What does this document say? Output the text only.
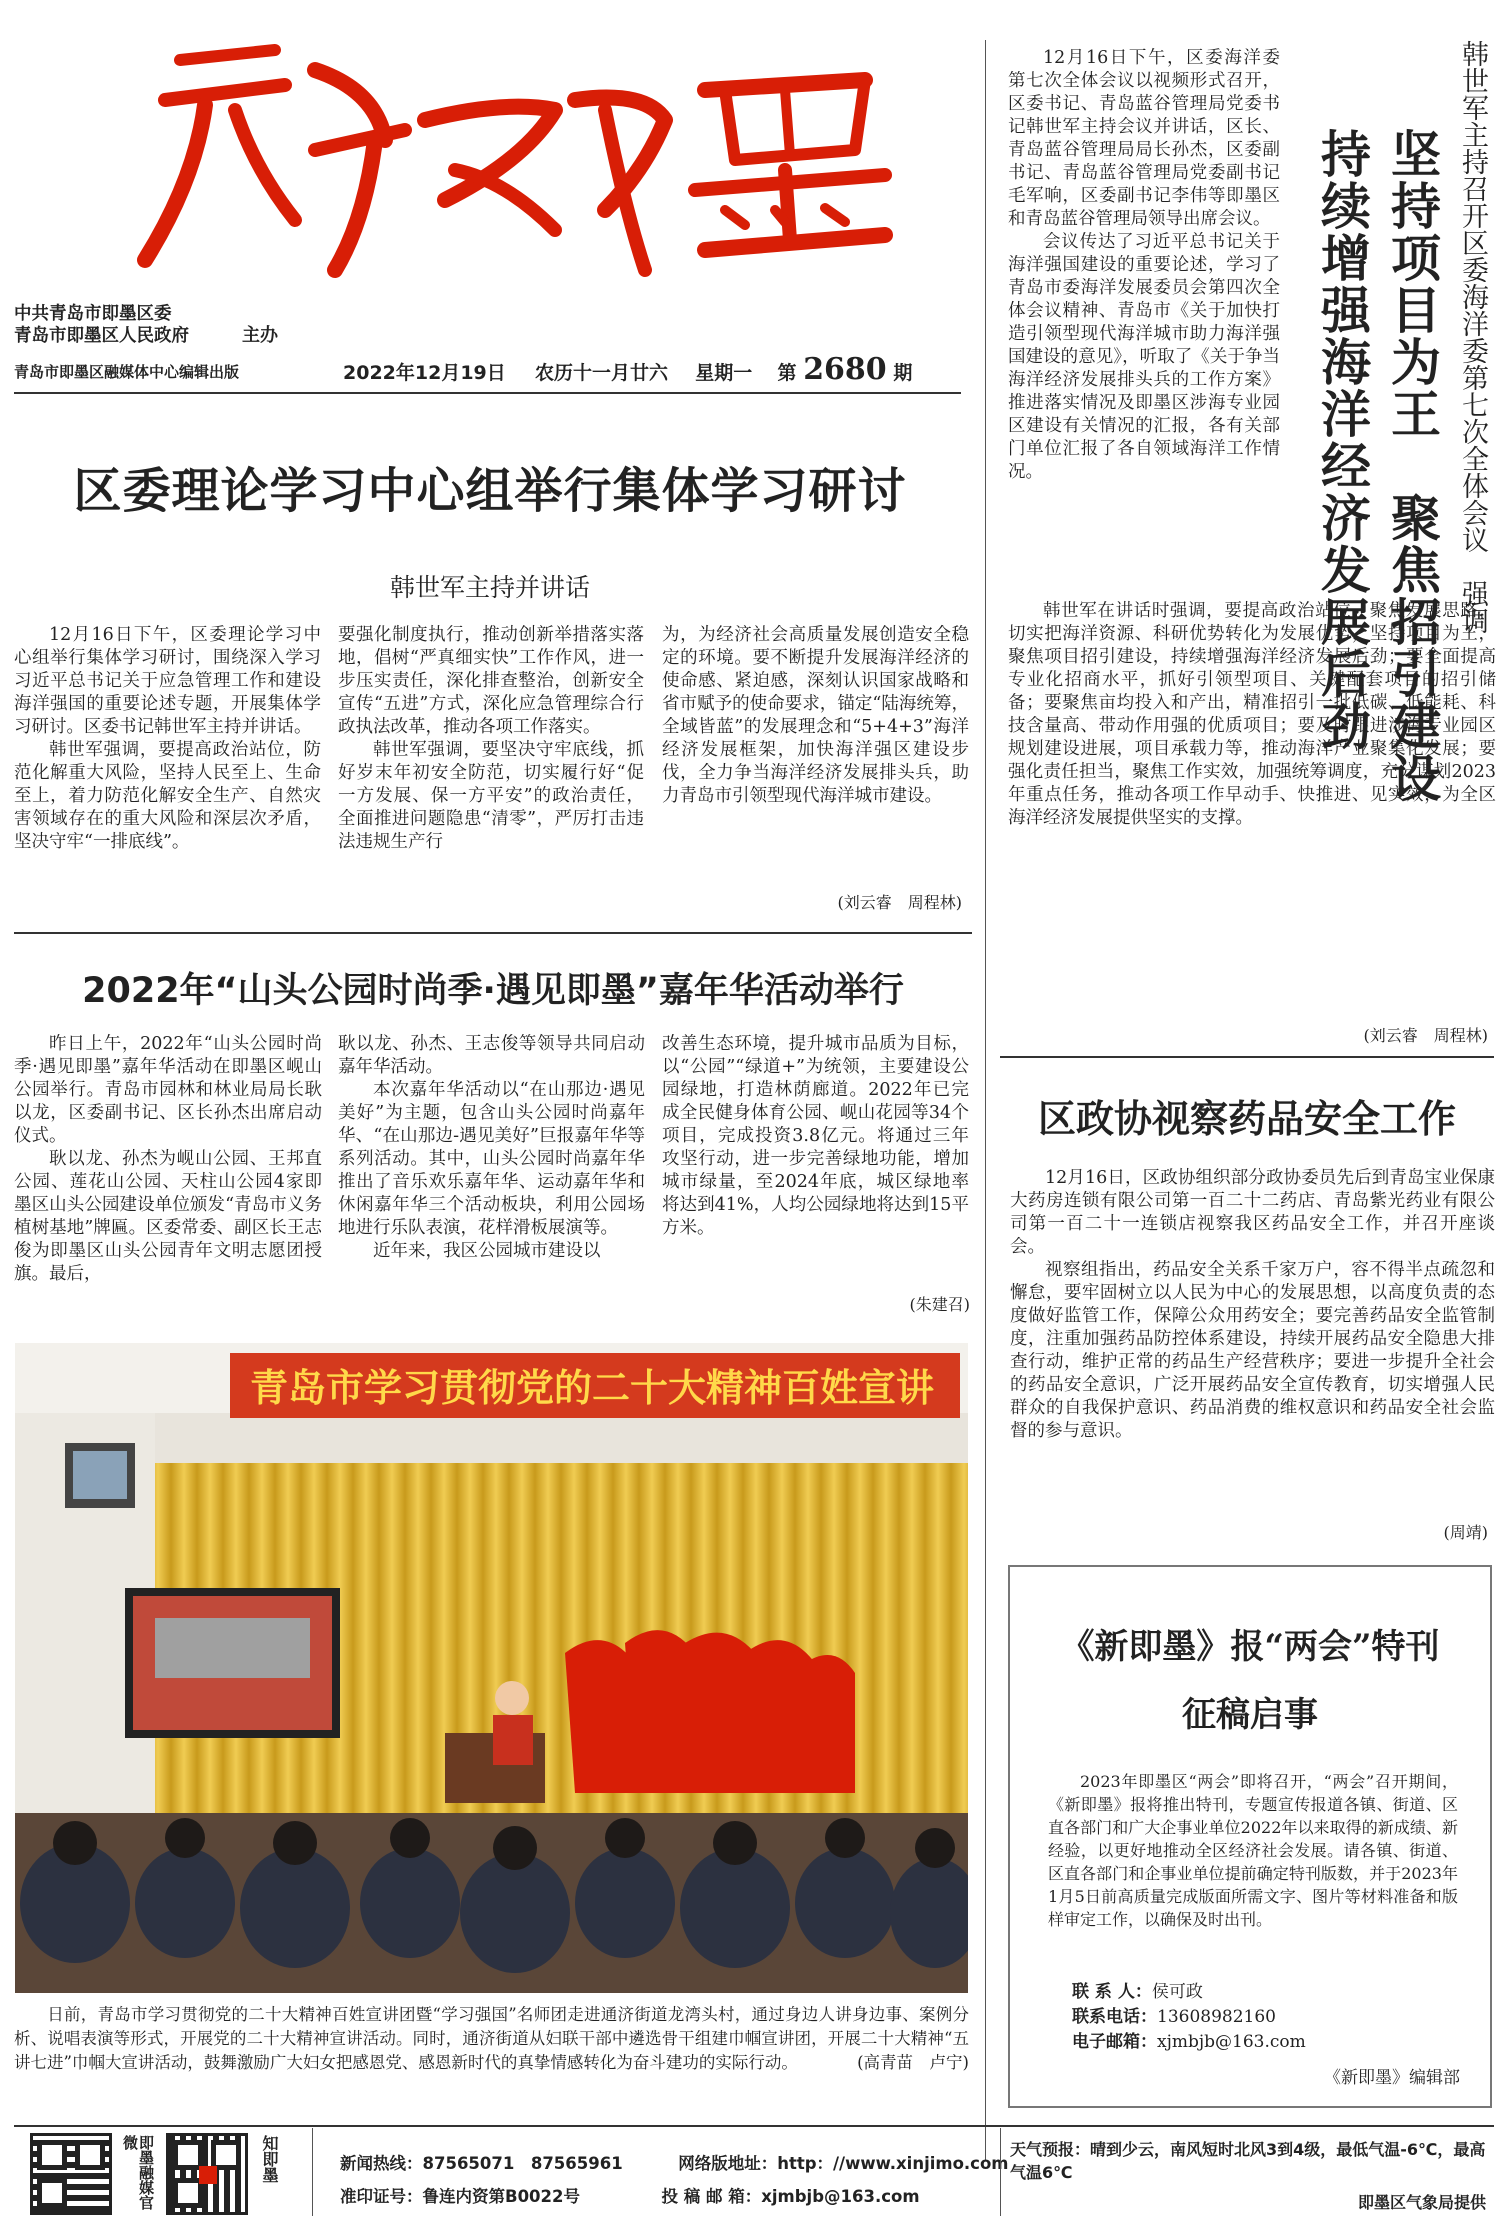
中共青岛市即墨区委
青岛市即墨区人民政府	主办
青岛市即墨区融媒体中心编辑出版	2022年12月19日 农历十一月廿六 星期一 第 2680 期	韩世军主持召开区委海洋委第七次全体会议　强调
坚持项目为王　聚焦招引建设
持续增强海洋经济发展后劲

12月16日下午，区委海洋委第七次全体会议以视频形式召开，区委书记、青岛蓝谷管理局党委书记韩世军主持会议并讲话，区长、青岛蓝谷管理局局长孙杰，区委副书记、青岛蓝谷管理局党委副书记毛军响，区委副书记李伟等即墨区和青岛蓝谷管理局领导出席会议。

会议传达了习近平总书记关于海洋强国建设的重要论述，学习了青岛市委海洋发展委员会第四次全体会议精神、青岛市《关于加快打造引领型现代海洋城市助力海洋强国建设的意见》，听取了《关于争当海洋经济发展排头兵的工作方案》推进落实情况及即墨区涉海专业园区建设有关情况的汇报，各有关部门单位汇报了各自领域海洋工作情况。

韩世军在讲话时强调，要提高政治站位，聚焦发展思路，切实把海洋资源、科研优势转化为发展优势，坚持项目为王，聚焦项目招引建设，持续增强海洋经济发展后劲；要全面提高专业化招商水平，抓好引领型项目、关键配套项目的招引储备；要聚焦亩均投入和产出，精准招引一批低碳、低能耗、科技含量高、带动作用强的优质项目；要及时跟进涉海专业园区规划建设进展，项目承载力等，推动海洋产业聚集化发展；要强化责任担当，聚焦工作实效，加强统筹调度，充分谋划2023年重点任务，推动各项工作早动手、快推进、见实效，为全区海洋经济发展提供坚实的支撑。

(刘云睿　周程林)
区委理论学习中心组举行集体学习研讨
韩世军主持并讲话

12月16日下午，区委理论学习中心组举行集体学习研讨，围绕深入学习习近平总书记关于应急管理工作和建设海洋强国的重要论述专题，开展集体学习研讨。区委书记韩世军主持并讲话。

韩世军强调，要提高政治站位，防范化解重大风险，坚持人民至上、生命至上，着力防范化解安全生产、自然灾害领域存在的重大风险和深层次矛盾，坚决守牢“一排底线”。

要强化制度执行，推动创新举措落实落地，倡树“严真细实快”工作作风，进一步压实责任，深化排查整治，创新安全宣传“五进”方式，深化应急管理综合行政执法改革，推动各项工作落实。

韩世军强调，要坚决守牢底线，抓好岁末年初安全防范，切实履行好“促一方发展、保一方平安”的政治责任，全面推进问题隐患“清零”，严厉打击违法违规生产行

为，为经济社会高质量发展创造安全稳定的环境。要不断提升发展海洋经济的使命感、紧迫感，深刻认识国家战略和省市赋予的使命要求，锚定“陆海统筹，全域皆蓝”的发展理念和“5+4+3”海洋经济发展框架，加快海洋强区建设步伐，全力争当海洋经济发展排头兵，助力青岛市引领型现代海洋城市建设。

(刘云睿　周程林)
2022年“山头公园时尚季·遇见即墨”嘉年华活动举行

昨日上午，2022年“山头公园时尚季·遇见即墨”嘉年华活动在即墨区岘山公园举行。青岛市园林和林业局局长耿以龙，区委副书记、区长孙杰出席启动仪式。

耿以龙、孙杰为岘山公园、王邦直公园、莲花山公园、天柱山公园4家即墨区山头公园建设单位颁发“青岛市义务植树基地”牌匾。区委常委、副区长王志俊为即墨区山头公园青年文明志愿团授旗。最后，

耿以龙、孙杰、王志俊等领导共同启动嘉年华活动。

本次嘉年华活动以“在山那边·遇见美好”为主题，包含山头公园时尚嘉年华、“在山那边-遇见美好”巨报嘉年华等系列活动。其中，山头公园时尚嘉年华推出了音乐欢乐嘉年华、运动嘉年华和休闲嘉年华三个活动板块，利用公园场地进行乐队表演，花样滑板展演等。

近年来，我区公园城市建设以

改善生态环境，提升城市品质为目标，以“公园”“绿道+”为统领，主要建设公园绿地，打造林荫廊道。2022年已完成全民健身体育公园、岘山花园等34个项目，完成投资3.8亿元。将通过三年攻坚行动，进一步完善绿地功能，增加城市绿量，至2024年底，城区绿地率将达到41%，人均公园绿地将达到15平方米。

(朱建召)
青岛市学习贯彻党的二十大精神百姓宣讲
日前，青岛市学习贯彻党的二十大精神百姓宣讲团暨“学习强国”名师团走进通济街道龙湾头村，通过身边人讲身边事、案例分析、说唱表演等形式，开展党的二十大精神宣讲活动。同时，通济街道从妇联干部中遴选骨干组建巾帼宣讲团，开展二十大精神“五讲七进”巾帼大宣讲活动，鼓舞激励广大妇女把感恩党、感恩新时代的真挚情感转化为奋斗建功的实际行动。	(高青苗　卢宁)
区政协视察药品安全工作

12月16日，区政协组织部分政协委员先后到青岛宝业保康大药房连锁有限公司第一百二十二药店、青岛紫光药业有限公司第一百二十一连锁店视察我区药品安全工作，并召开座谈会。

视察组指出，药品安全关系千家万户，容不得半点疏忽和懈怠，要牢固树立以人民为中心的发展思想，以高度负责的态度做好监管工作，保障公众用药安全；要完善药品安全监管制度，注重加强药品防控体系建设，持续开展药品安全隐患大排查行动，维护正常的药品生产经营秩序；要进一步提升全社会的药品安全意识，广泛开展药品安全宣传教育，切实增强人民群众的自我保护意识、药品消费的维权意识和药品安全社会监督的参与意识。

(周靖)
《新即墨》报“两会”特刊
征稿启事
2023年即墨区“两会”即将召开，“两会”召开期间，《新即墨》报将推出特刊，专题宣传报道各镇、街道、区直各部门和广大企事业单位2022年以来取得的新成绩、新经验，以更好地推动全区经济社会发展。请各镇、街道、区直各部门和企事业单位提前确定特刊版数，并于2023年1月5日前高质量完成版面所需文字、图片等材料准备和版样审定工作，以确保及时出刊。
联 系 人：侯可政
联系电话：13608982160
电子邮箱：xjmbjb@163.com
《新即墨》编辑部
即墨融媒官微	知即墨	新闻热线：87565071　87565961	网络版地址：http：//www.xinjimo.com
准印证号：鲁连内资第B0022号	投 稿 邮 箱：xjmbjb@163.com
天气预报：晴到少云，南风短时北风3到4级，最低气温-6℃，最高气温6℃
即墨区气象局提供
